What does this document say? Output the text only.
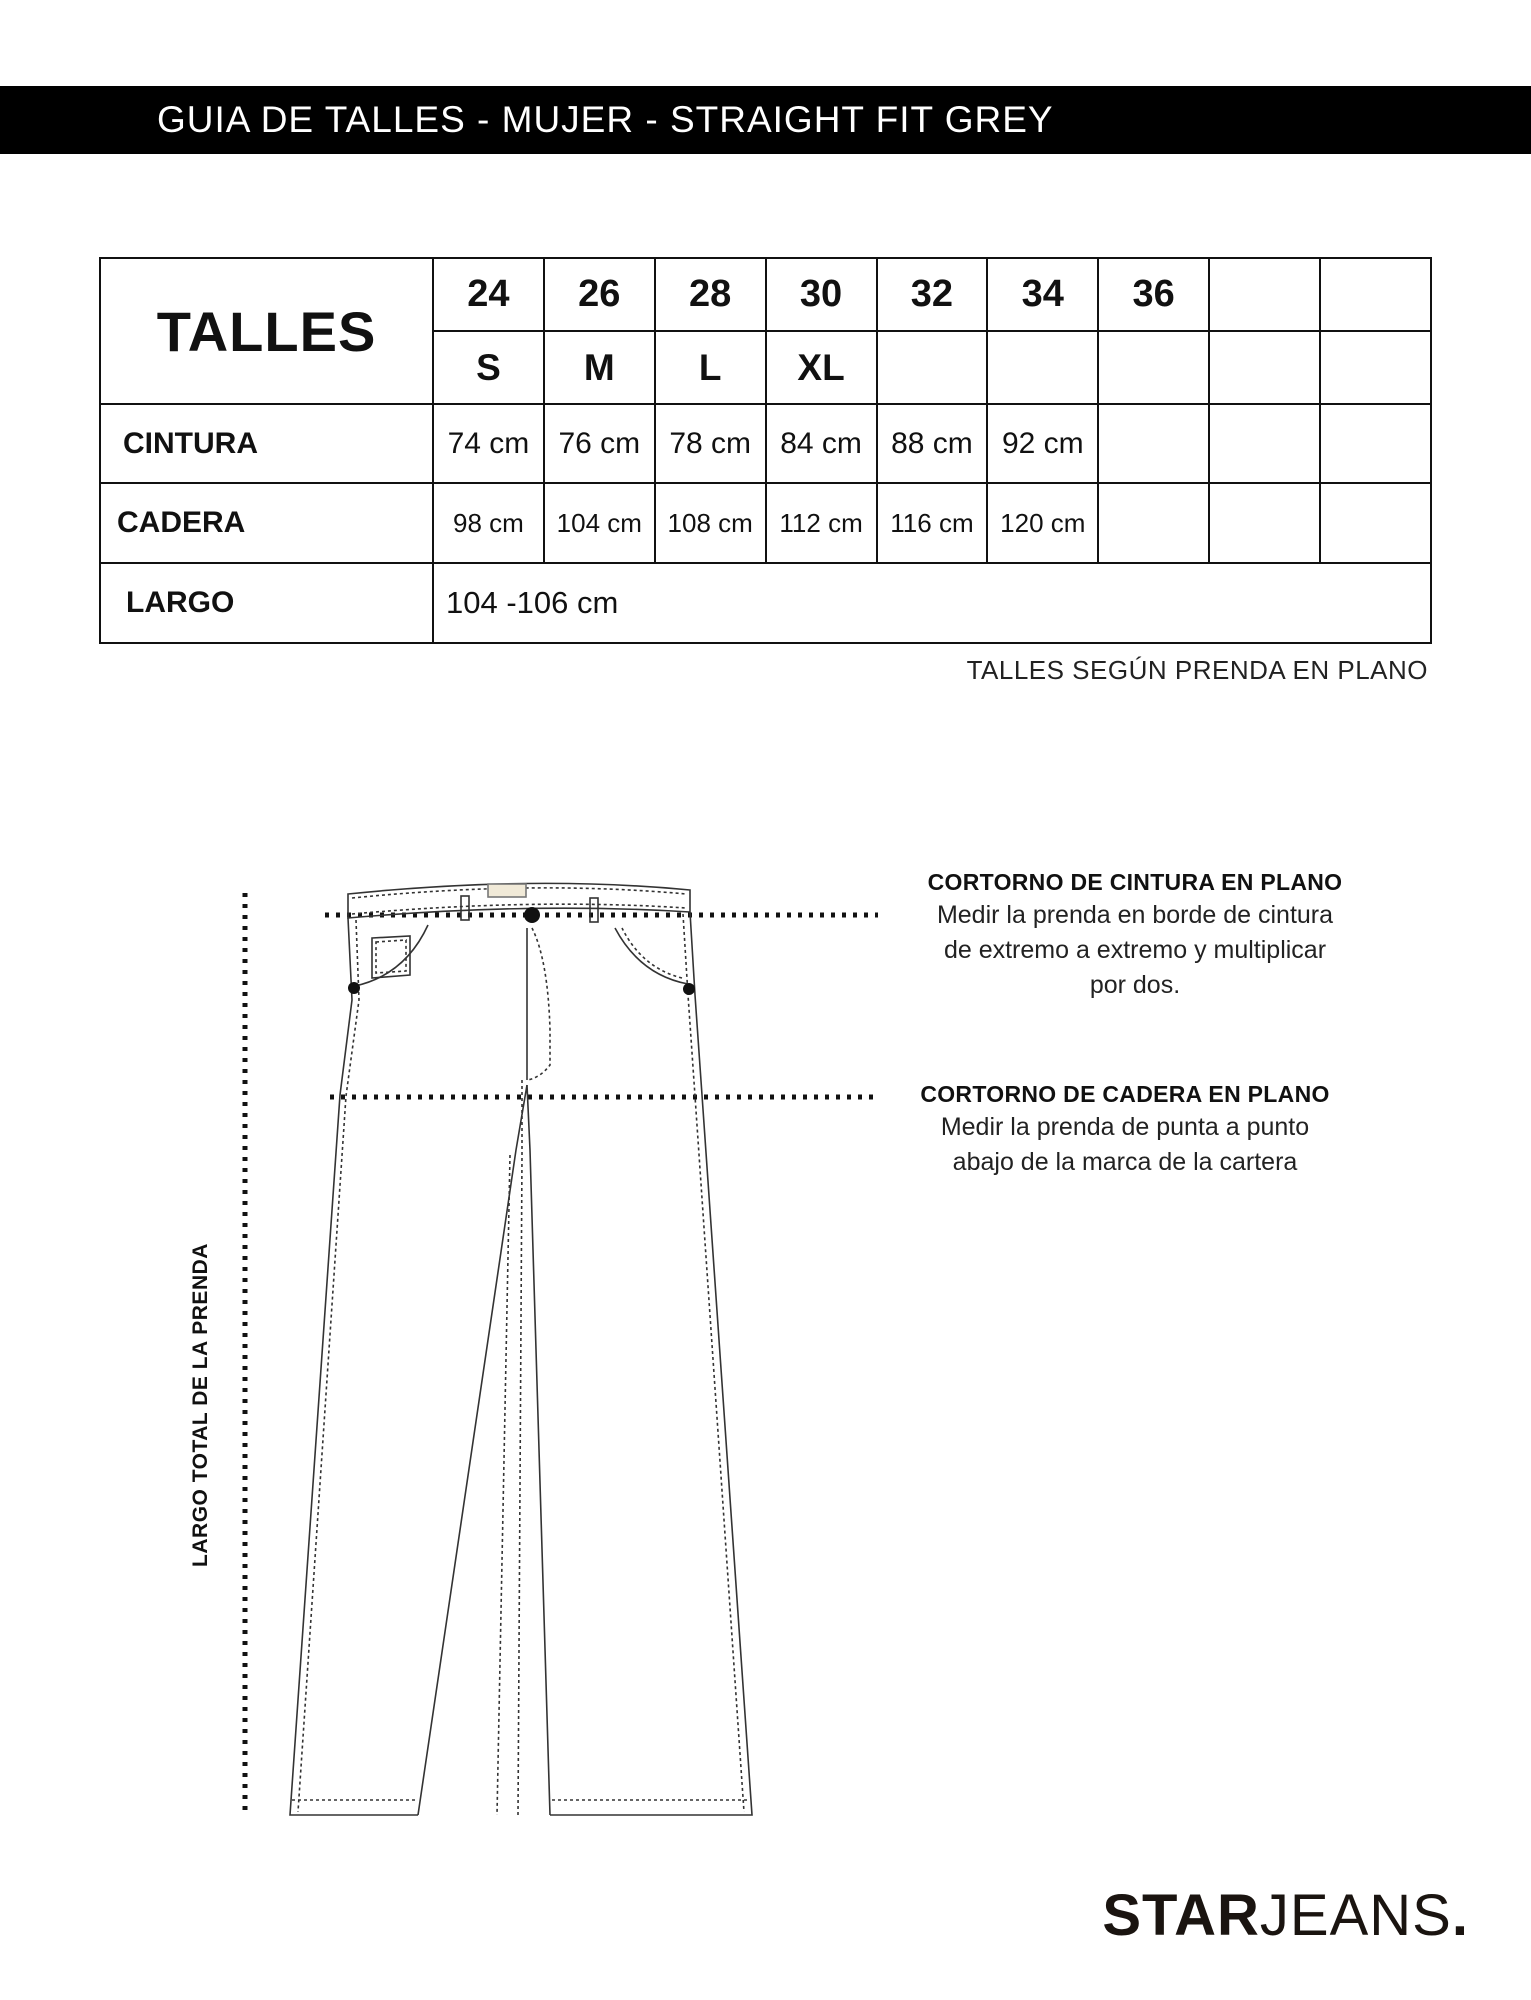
GUIA DE TALLES - MUJER - STRAIGHT FIT GREY
TALLES	24	26	28	30	32	34	36		
	S	M	L	XL					
CINTURA	74 cm	76 cm	78 cm	84 cm	88 cm	92 cm			
CADERA	98 cm	104 cm	108 cm	112 cm	116 cm	120 cm			
LARGO	104 -106 cm								
TALLES SEGÚN PRENDA EN PLANO
CORTORNO DE CINTURA EN PLANO
Medir la prenda en borde de cintura
de extremo a extremo y multiplicar
por dos.
CORTORNO DE CADERA EN PLANO
Medir la prenda de punta a punto
abajo de la marca de la cartera
LARGO TOTAL DE LA PRENDA
STARJEANS.
